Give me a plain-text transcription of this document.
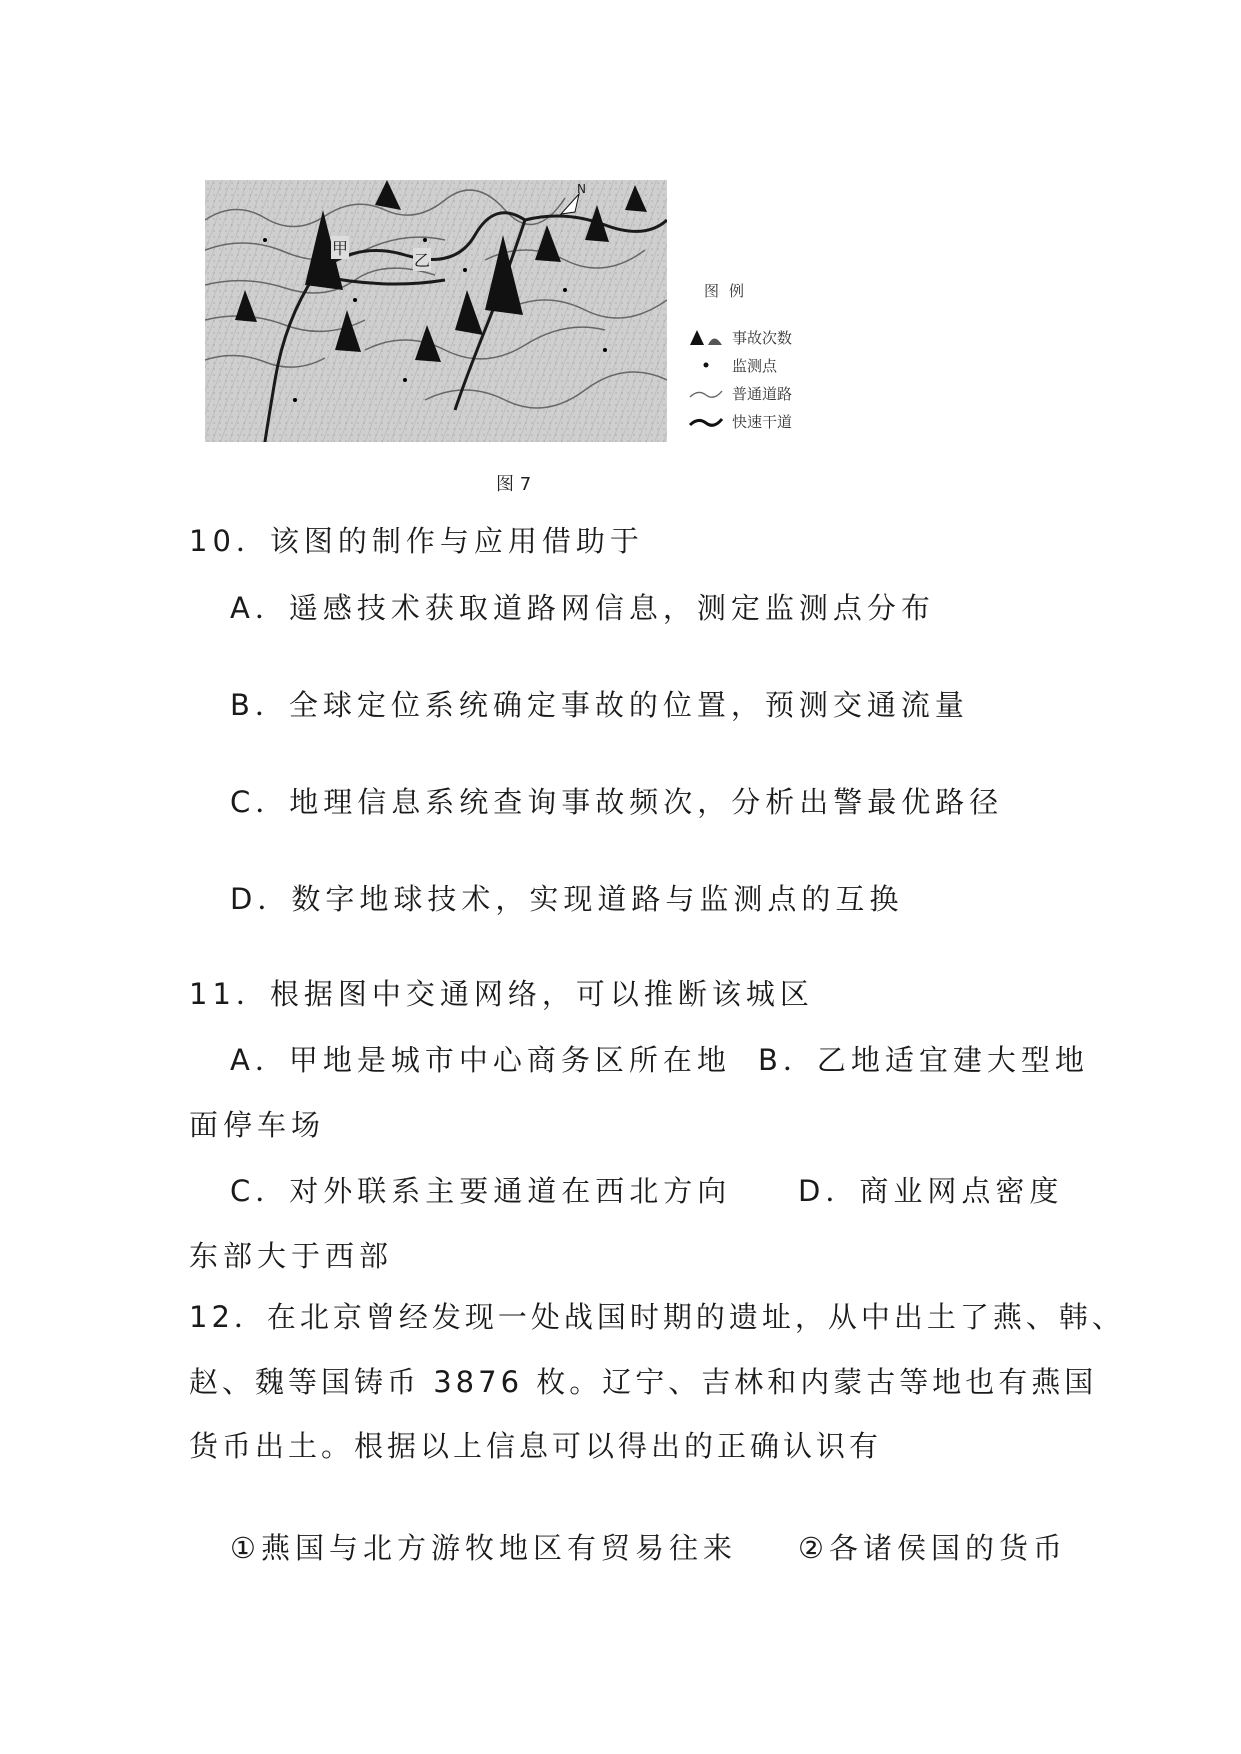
甲
乙
N
图例
事故次数
监测点
普通道路
快速干道
图 7
10．该图的制作与应用借助于
A．遥感技术获取道路网信息，测定监测点分布
B．全球定位系统确定事故的位置，预测交通流量
C．地理信息系统查询事故频次，分析出警最优路径
D．数字地球技术，实现道路与监测点的互换
11．根据图中交通网络，可以推断该城区
A．甲地是城市中心商务区所在地 B．乙地适宜建大型地
面停车场
C．对外联系主要通道在西北方向 D．商业网点密度
东部大于西部
12．在北京曾经发现一处战国时期的遗址，从中出土了燕、韩、
赵、魏等国铸币 3876 枚。辽宁、吉林和内蒙古等地也有燕国
货币出土。根据以上信息可以得出的正确认识有
①燕国与北方游牧地区有贸易往来 ②各诸侯国的货币
